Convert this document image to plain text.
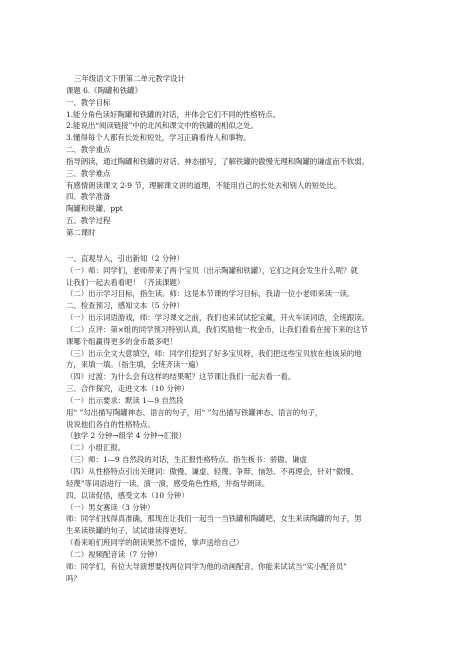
三年级语文下册第二单元教学设计
课题 6.《陶罐和铁罐》
一、教学目标
1.能分角色读好陶罐和铁罐的对话，并体会它们不同的性格特点。
2.能说出“阅读链接”中的北风和课文中的铁罐的相似之处。
3.懂得每个人都有长处和短处，学习正确看待人和事物。
二、教学重点
指导朗读，通过陶罐和铁罐的对话、神态描写，了解铁罐的傲慢无理和陶罐的谦虚而不软弱。
三、教学难点
有感情朗读课文 2-9 节，理解课文讲的道理，不能用自己的长处去和别人的短处比。
四、教学准备
陶罐和铁罐、ppt
五、教学过程
第二课时
一、直观导入，引出新知（2 分钟）
（一）师：同学们，老师带来了两个宝贝（出示陶罐和铁罐），它们之间会发生什么呢？就
让我们一起去看看吧！（齐读课题）
（二）出示学习目标，指生读。师：这是本节课的学习目标，我请一位小老师来读一读。
二、检查预习，感知文本（5 分钟）
（一）出示词语游戏，师：学习课文之前，我们也来试试挖宝藏，开火车读词语，全班跟读。
（二）点评：第×组的同学预习特别认真，我们奖励他一枚金币，让我们看看在接下来的这节
课哪个组赢得更多的金币最多吧！
（三）出示全文大意填空，师：同学们挖到了好多宝贝呀，我们把这些宝贝放在他该呆的地
方，来填一填。（指生填，全班齐读一遍）
（四）过渡：为什么会有这样的结果呢？这节课让我们一起去看一看。
三、合作探究，走进文本（10 分钟）
（一）出示要求：默读 1—9 自然段
用“ ”勾出描写陶罐神态、语言的句子，用“ ”勾出描写铁罐神态、语言的句子，
说说他们各自的性格特点。
（独学 2 分钟→组学 4 分钟→汇报）
（二）小组汇报。
（三）师：1—9 自然段的对话，生汇报性格特点、指生板书：骄傲、谦虚
（四）从性格特点引出关键词：傲慢、谦虚、轻蔑、争辩、恼怒、不再理会，针对“傲慢、
轻蔑”等词语进行一读、演一演，感受角色性格，并指导朗读。
四、以读促悟，感受文本（10 分钟）
（一）男女赛读（3 分钟）
师：同学们找得真准确，那现在让我们一起当一当铁罐和陶罐吧，女生来读陶罐的句子，男
生来读铁罐的句子，试试谁读得更好。
（看来咱们班同学的朗读果然不虚传，掌声送给自己）
（二）视频配音读（7 分钟）
师：同学们，有位大导演想要找两位同学为他的动画配音，你能来试试当“实小配音员”
吗？
